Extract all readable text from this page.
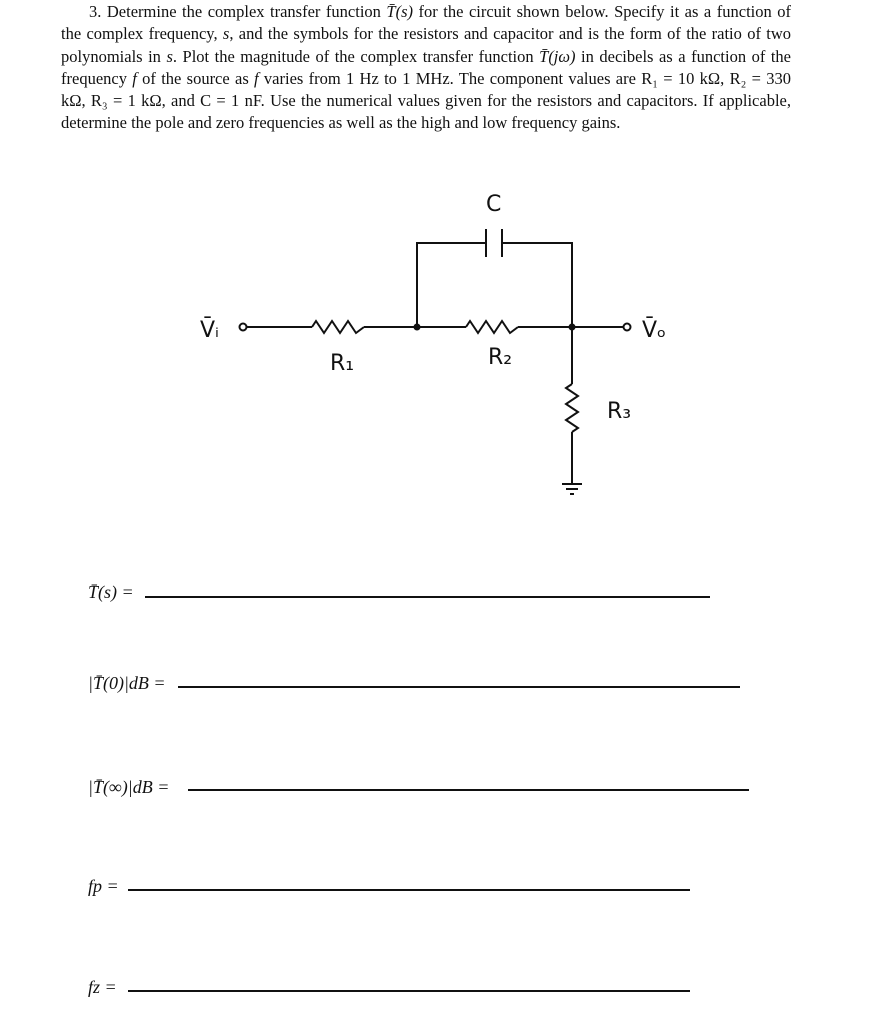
3. Determine the complex transfer function T̄(s) for the circuit shown below. Specify it as a function of the complex frequency, s, and the symbols for the resistors and capacitor and is the form of the ratio of two polynomials in s. Plot the magnitude of the complex transfer function T̄(jω) in decibels as a function of the frequency f of the source as f varies from 1 Hz to 1 MHz. The component values are R₁ = 10 kΩ, R₂ = 330 kΩ, R₃ = 1 kΩ, and C = 1 nF. Use the numerical values given for the resistors and capacitors. If applicable, determine the pole and zero frequencies as well as the high and low frequency gains.

V̄ᵢ	V̄ₒ
R₁	R₂
R₃
C
T̄(s) =
|T̄(0)|dB =
|T̄(∞)|dB =
fp =
fz =
